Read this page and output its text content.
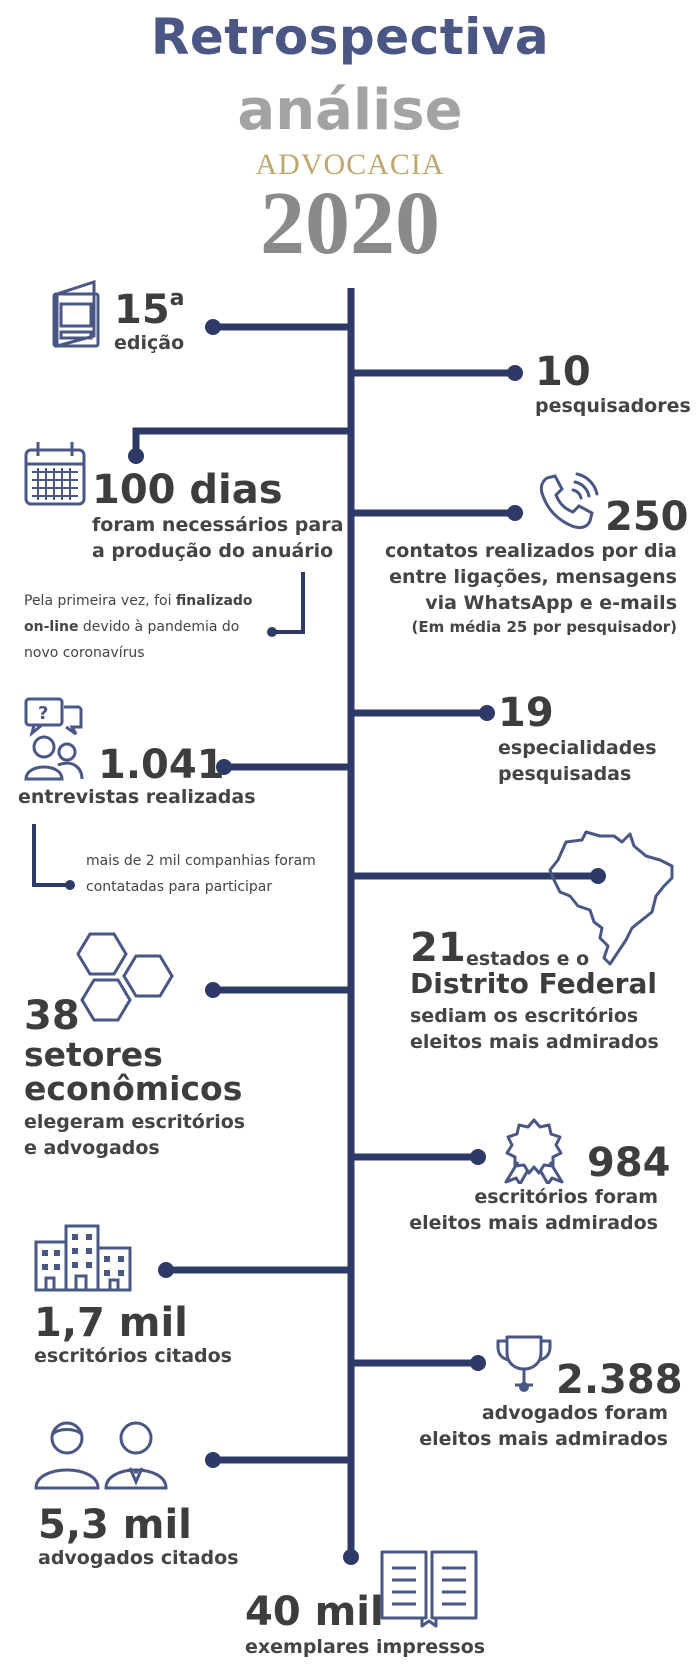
Retrospectiva
análise
ADVOCACIA
2020
15$^a$
edição
10
pesquisadores
100 dias
foram necessários para
a produção do anuário
Pela primeira vez, foi finalizado
on-line devido à pandemia do
novo coronavírus
250
contatos realizados por dia
entre ligações, mensagens
via WhatsApp e e-mails
(Em média 25 por pesquisador)
19
especialidades
pesquisadas
?
1.041
entrevistas realizadas
mais de 2 mil companhias foram
contatadas para participar
21 estados e o
Distrito Federal
sediam os escritórios
eleitos mais admirados
38
setores
econômicos
elegeram escritórios
e advogados	984
escritórios foram
eleitos mais admirados
1,7 mil
escritórios citados
2.388
advogados foram
eleitos mais admirados
5,3 mil
advogados citados
40 mil
exemplares impressos
